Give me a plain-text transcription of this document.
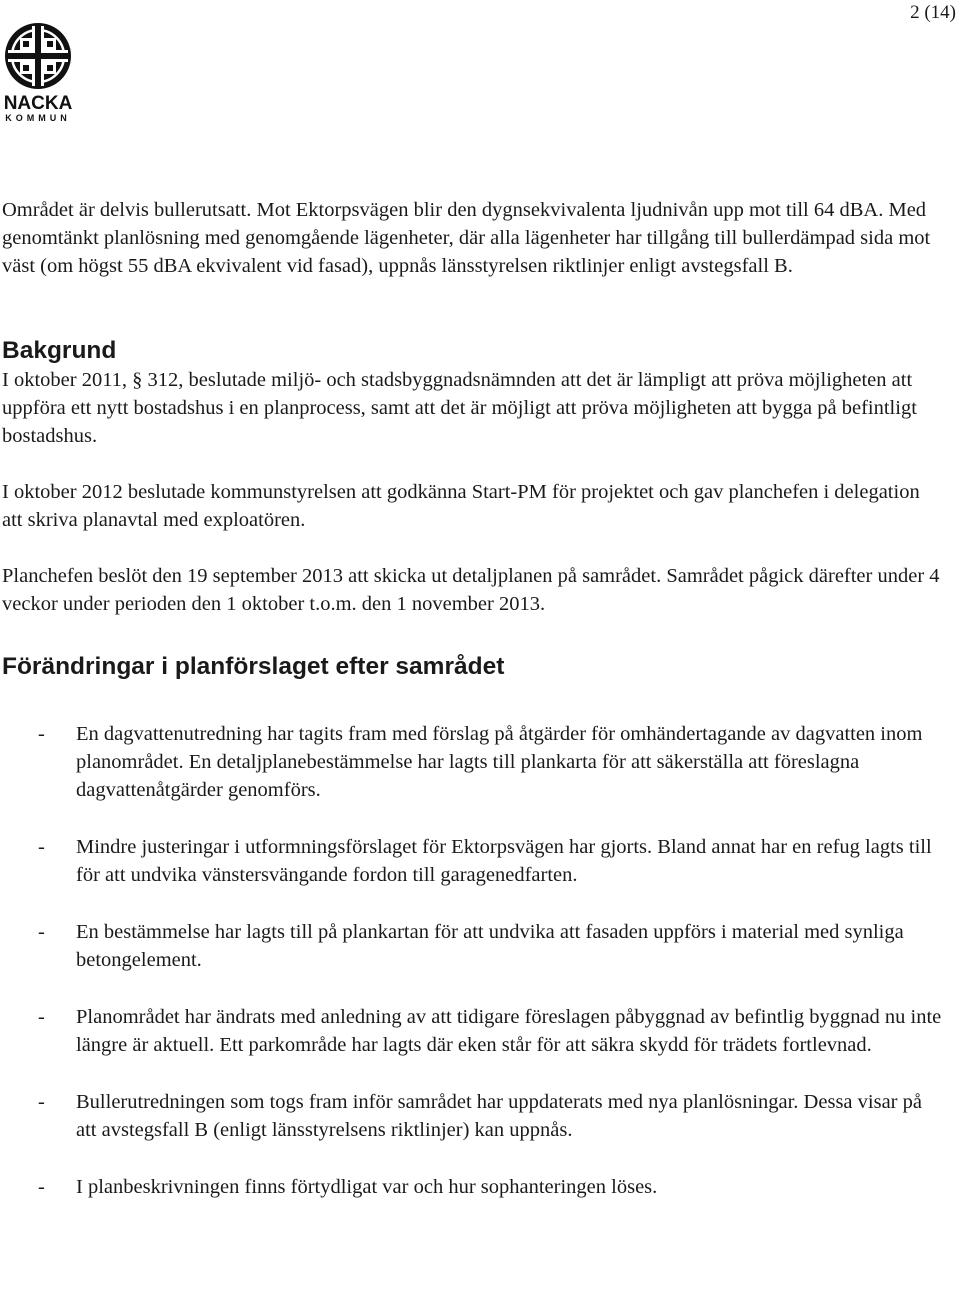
2 (14)
NACKA
KOMMUN

Området är delvis bullerutsatt. Mot Ektorpsvägen blir den dygnsekvivalenta ljudnivån upp mot till 64 dBA. Med genomtänkt planlösning med genomgående lägenheter, där alla lägenheter har tillgång till bullerdämpad sida mot väst (om högst 55 dBA ekvivalent vid fasad), uppnås länsstyrelsen riktlinjer enligt avstegsfall B.

Bakgrund

I oktober 2011, § 312, beslutade miljö- och stadsbyggnadsnämnden att det är lämpligt att pröva möjligheten att uppföra ett nytt bostadshus i en planprocess, samt att det är möjligt att pröva möjligheten att bygga på befintligt bostadshus.

I oktober 2012 beslutade kommunstyrelsen att godkänna Start-PM för projektet och gav planchefen i delegation att skriva planavtal med exploatören.

Planchefen beslöt den 19 september 2013 att skicka ut detaljplanen på samrådet. Samrådet pågick därefter under 4 veckor under perioden den 1 oktober t.o.m. den 1 november 2013.

Förändringar i planförslaget efter samrådet
- En dagvattenutredning har tagits fram med förslag på åtgärder för omhändertagande av dagvatten inom planområdet. En detaljplanebestämmelse har lagts till plankarta för att säkerställa att föreslagna dagvattenåtgärder genomförs.
- Mindre justeringar i utformningsförslaget för Ektorpsvägen har gjorts. Bland annat har en refug lagts till för att undvika vänstersvängande fordon till garagenedfarten.
- En bestämmelse har lagts till på plankartan för att undvika att fasaden uppförs i material med synliga betongelement.
- Planområdet har ändrats med anledning av att tidigare föreslagen påbyggnad av befintlig byggnad nu inte längre är aktuell. Ett parkområde har lagts där eken står för att säkra skydd för trädets fortlevnad.
- Bullerutredningen som togs fram inför samrådet har uppdaterats med nya planlösningar. Dessa visar på att avstegsfall B (enligt länsstyrelsens riktlinjer) kan uppnås.
- I planbeskrivningen finns förtydligat var och hur sophanteringen löses.
